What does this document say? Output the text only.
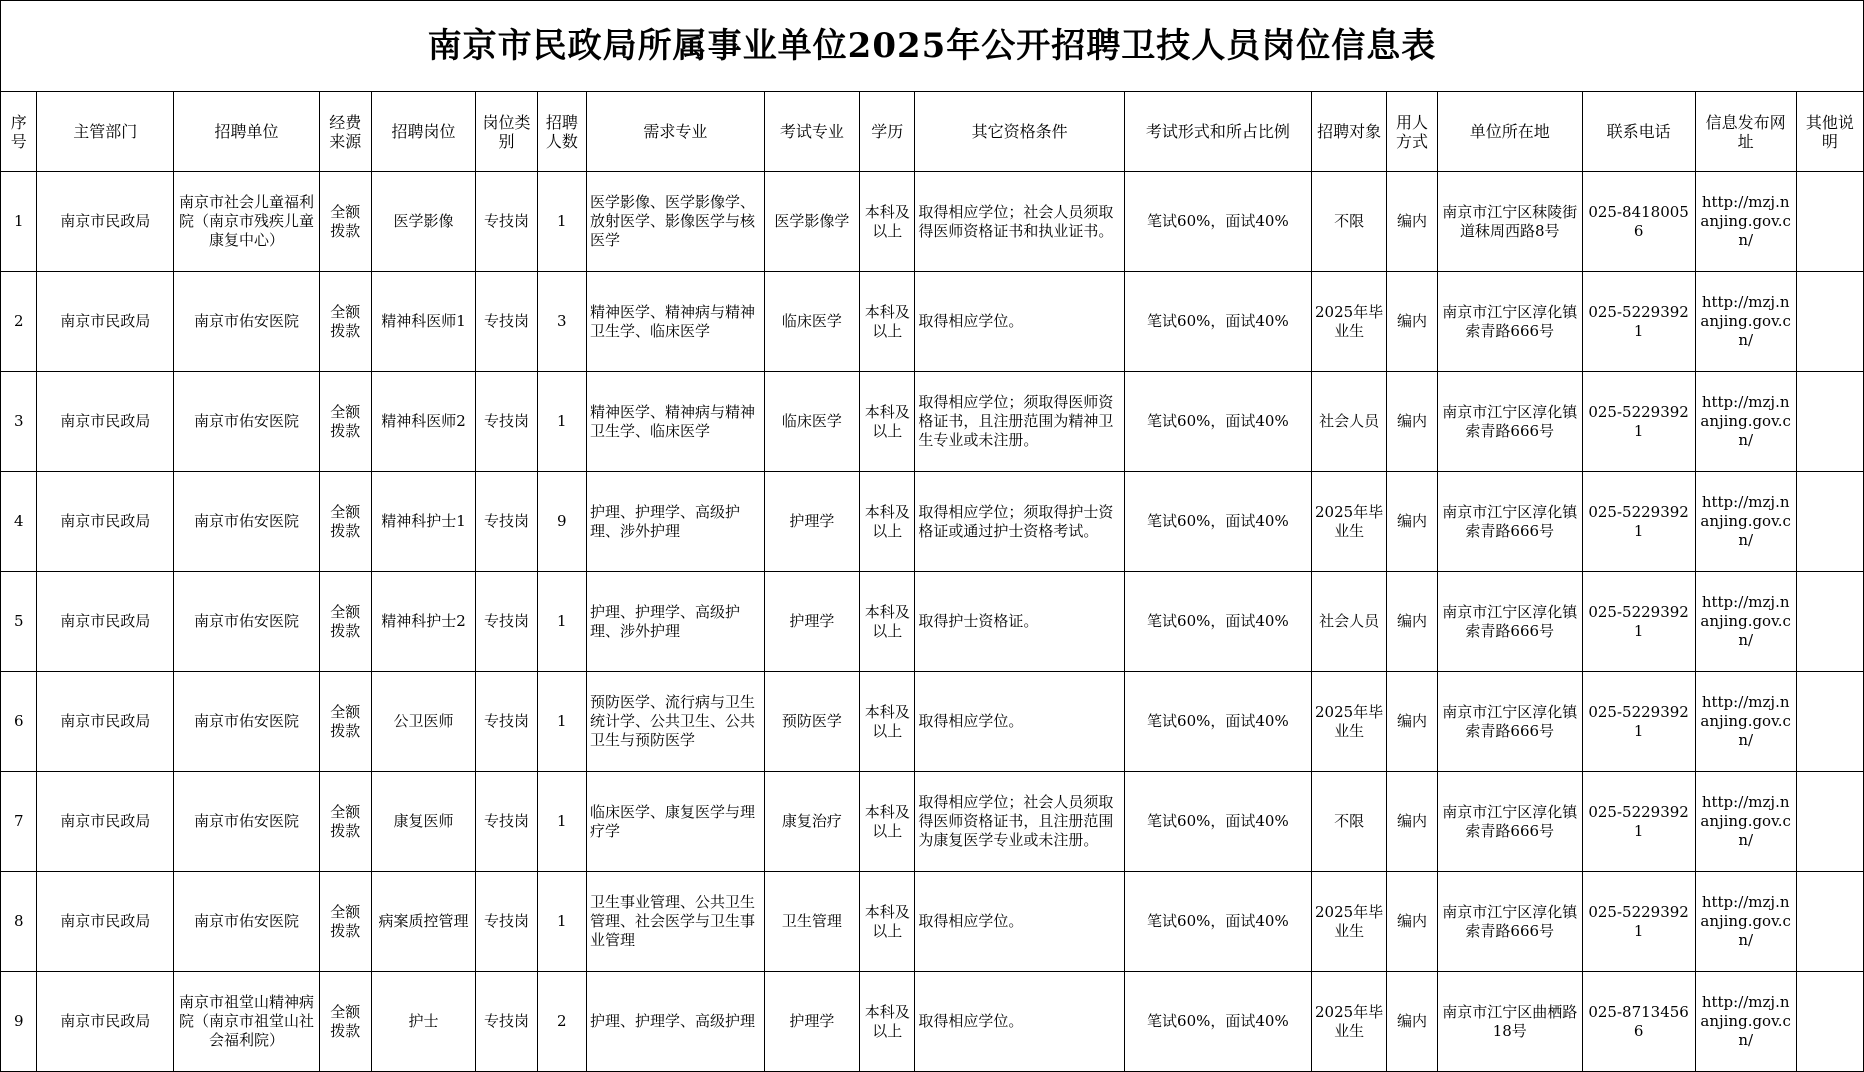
南京市民政局所属事业单位2025年公开招聘卫技人员岗位信息表
序号	主管部门	招聘单位	经费来源	招聘岗位	岗位类别	招聘人数	需求专业	考试专业	学历	其它资格条件	考试形式和所占比例	招聘对象	用人方式	单位所在地	联系电话	信息发布网址	其他说明
1	南京市民政局	南京市社会儿童福利院（南京市残疾儿童康复中心）	全额拨款	医学影像	专技岗	1	医学影像、医学影像学、放射医学、影像医学与核医学	医学影像学	本科及以上	取得相应学位；社会人员须取得医师资格证书和执业证书。	笔试60%，面试40%	不限	编内	南京市江宁区秣陵街道秣周西路8号	025-84180056	http://mzj.nanjing.gov.cn/	
2	南京市民政局	南京市佑安医院	全额拨款	精神科医师1	专技岗	3	精神医学、精神病与精神卫生学、临床医学	临床医学	本科及以上	取得相应学位。	笔试60%，面试40%	2025年毕业生	编内	南京市江宁区淳化镇索青路666号	025-52293921	http://mzj.nanjing.gov.cn/	
3	南京市民政局	南京市佑安医院	全额拨款	精神科医师2	专技岗	1	精神医学、精神病与精神卫生学、临床医学	临床医学	本科及以上	取得相应学位；须取得医师资格证书，且注册范围为精神卫生专业或未注册。	笔试60%，面试40%	社会人员	编内	南京市江宁区淳化镇索青路666号	025-52293921	http://mzj.nanjing.gov.cn/	
4	南京市民政局	南京市佑安医院	全额拨款	精神科护士1	专技岗	9	护理、护理学、高级护理、涉外护理	护理学	本科及以上	取得相应学位；须取得护士资格证或通过护士资格考试。	笔试60%，面试40%	2025年毕业生	编内	南京市江宁区淳化镇索青路666号	025-52293921	http://mzj.nanjing.gov.cn/	
5	南京市民政局	南京市佑安医院	全额拨款	精神科护士2	专技岗	1	护理、护理学、高级护理、涉外护理	护理学	本科及以上	取得护士资格证。	笔试60%，面试40%	社会人员	编内	南京市江宁区淳化镇索青路666号	025-52293921	http://mzj.nanjing.gov.cn/	
6	南京市民政局	南京市佑安医院	全额拨款	公卫医师	专技岗	1	预防医学、流行病与卫生统计学、公共卫生、公共卫生与预防医学	预防医学	本科及以上	取得相应学位。	笔试60%，面试40%	2025年毕业生	编内	南京市江宁区淳化镇索青路666号	025-52293921	http://mzj.nanjing.gov.cn/	
7	南京市民政局	南京市佑安医院	全额拨款	康复医师	专技岗	1	临床医学、康复医学与理疗学	康复治疗	本科及以上	取得相应学位；社会人员须取得医师资格证书，且注册范围为康复医学专业或未注册。	笔试60%，面试40%	不限	编内	南京市江宁区淳化镇索青路666号	025-52293921	http://mzj.nanjing.gov.cn/	
8	南京市民政局	南京市佑安医院	全额拨款	病案质控管理	专技岗	1	卫生事业管理、公共卫生管理、社会医学与卫生事业管理	卫生管理	本科及以上	取得相应学位。	笔试60%，面试40%	2025年毕业生	编内	南京市江宁区淳化镇索青路666号	025-52293921	http://mzj.nanjing.gov.cn/	
9	南京市民政局	南京市祖堂山精神病院（南京市祖堂山社会福利院）	全额拨款	护士	专技岗	2	护理、护理学、高级护理	护理学	本科及以上	取得相应学位。	笔试60%，面试40%	2025年毕业生	编内	南京市江宁区曲栖路18号	025-87134566	http://mzj.nanjing.gov.cn/	
